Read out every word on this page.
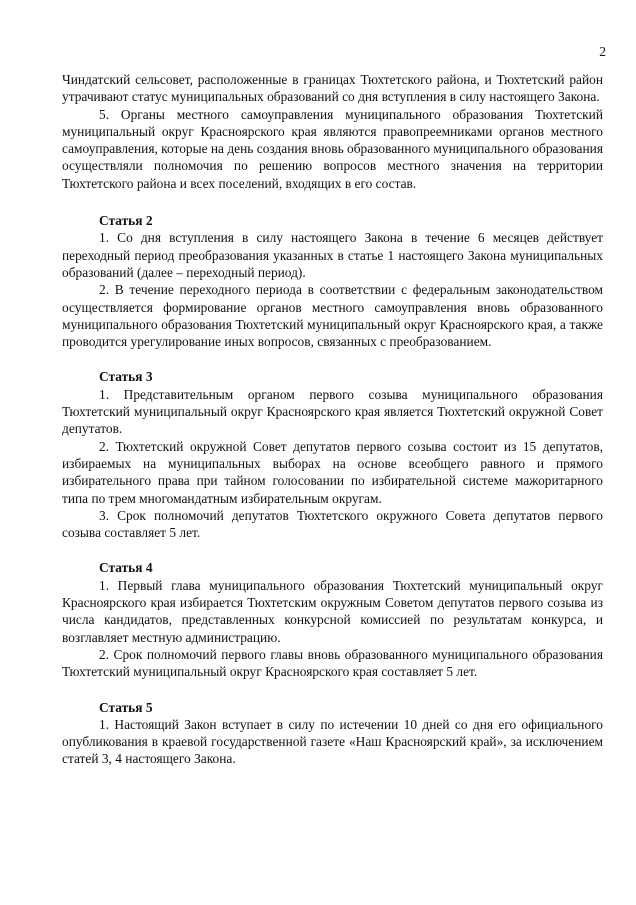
2

Чиндатский сельсовет, расположенные в границах Тюхтетского района, и Тюхтетский район утрачивают статус муниципальных образований со дня вступления в силу настоящего Закона.

5. Органы местного самоуправления муниципального образования Тюхтетский муниципальный округ Красноярского края являются правопреемниками органов местного самоуправления, которые на день создания вновь образованного муниципального образования осуществляли полномочия по решению вопросов местного значения на территории Тюхтетского района и всех поселений, входящих в его состав.

Статья 2

1. Со дня вступления в силу настоящего Закона в течение 6 месяцев действует переходный период преобразования указанных в статье 1 настоящего Закона муниципальных образований (далее – переходный период).

2. В течение переходного периода в соответствии с федеральным законодательством осуществляется формирование органов местного самоуправления вновь образованного муниципального образования Тюхтетский муниципальный округ Красноярского края, а также проводится урегулирование иных вопросов, связанных с преобразованием.

Статья 3

1. Представительным органом первого созыва муниципального образования Тюхтетский муниципальный округ Красноярского края является Тюхтетский окружной Совет депутатов.

2. Тюхтетский окружной Совет депутатов первого созыва состоит из 15 депутатов, избираемых на муниципальных выборах на основе всеобщего равного и прямого избирательного права при тайном голосовании по избирательной системе мажоритарного типа по трем многомандатным избирательным округам.

3. Срок полномочий депутатов Тюхтетского окружного Совета депутатов первого созыва составляет 5 лет.

Статья 4

1. Первый глава муниципального образования Тюхтетский муниципальный округ Красноярского края избирается Тюхтетским окружным Советом депутатов первого созыва из числа кандидатов, представленных конкурсной комиссией по результатам конкурса, и возглавляет местную администрацию.

2. Срок полномочий первого главы вновь образованного муниципального образования Тюхтетский муниципальный округ Красноярского края составляет 5 лет.

Статья 5

1. Настоящий Закон вступает в силу по истечении 10 дней со дня его официального опубликования в краевой государственной газете «Наш Красноярский край», за исключением статей 3, 4 настоящего Закона.
